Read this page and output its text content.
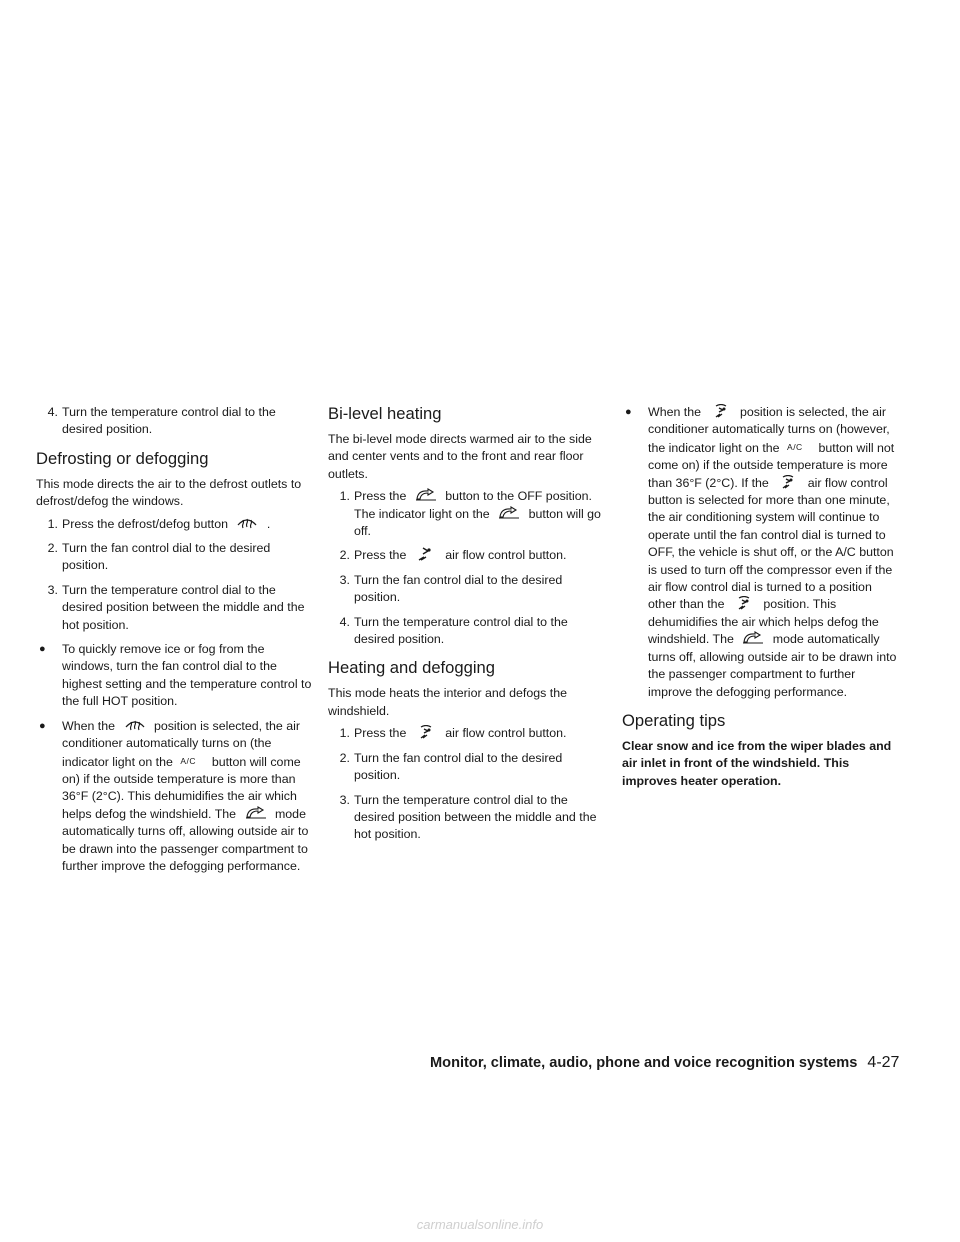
4. Turn the temperature control dial to the desired position.
Defrosting or defogging

This mode directs the air to the defrost outlets to defrost/defog the windows.

1. Press the defrost/defog button	.
2. Turn the fan control dial to the desired position.
3. Turn the temperature control dial to the desired position between the middle and the hot position.
● To quickly remove ice or fog from the windows, turn the fan control dial to the highest setting and the temperature control to the full HOT position.
● When the	position is selected, the air conditioner automatically turns on (the indicator light on the A/C button will come on) if the outside temperature is more than 36°F (2°C). This dehumidifies the air which helps defog the windshield. The	mode automatically turns off, allowing outside air to be drawn into the passenger compartment to further improve the defogging performance.
Bi-level heating

The bi-level mode directs warmed air to the side and center vents and to the front and rear floor outlets.

1. Press the	button to the OFF position. The indicator light on the	button will go off.
2. Press the	air flow control button.
3. Turn the fan control dial to the desired position.
4. Turn the temperature control dial to the desired position.
Heating and defogging

This mode heats the interior and defogs the windshield.

1. Press the	air flow control button.
2. Turn the fan control dial to the desired position.
3. Turn the temperature control dial to the desired position between the middle and the hot position.
● When the	position is selected, the air conditioner automatically turns on (however, the indicator light on the A/C button will not come on) if the outside temperature is more than 36°F (2°C). If the	air flow control button is selected for more than one minute, the air conditioning system will continue to operate until the fan control dial is turned to OFF, the vehicle is shut off, or the A/C button is used to turn off the compressor even if the air flow control dial is turned to a position other than the	position. This dehumidifies the air which helps defog the windshield. The	mode automatically turns off, allowing outside air to be drawn into the passenger compartment to further improve the defogging performance.
Operating tips

Clear snow and ice from the wiper blades and air inlet in front of the windshield. This improves heater operation.

Monitor, climate, audio, phone and voice recognition systems 4-27
carmanualsonline.info
